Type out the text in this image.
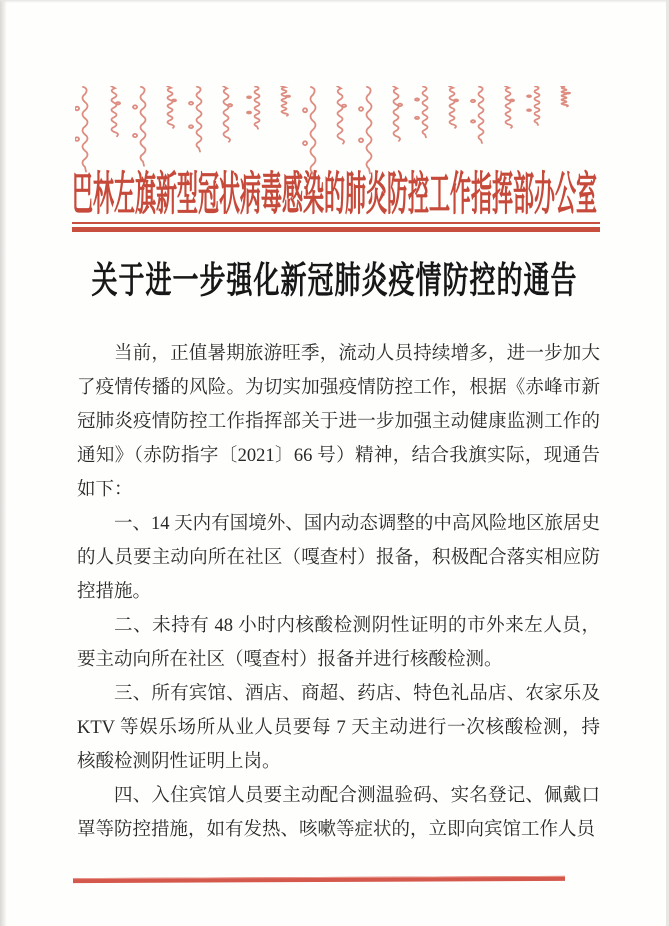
巴林左旗新型冠状病毒感染的肺炎防控工作指挥部办公室
关于进一步强化新冠肺炎疫情防控的通告

当前，正值暑期旅游旺季，流动人员持续增多，进一步加大了疫情传播的风险。为切实加强疫情防控工作，根据《赤峰市新冠肺炎疫情防控工作指挥部关于进一步加强主动健康监测工作的通知》（赤防指字〔2021〕66 号）精神，结合我旗实际，现通告如下：

一、14 天内有国境外、国内动态调整的中高风险地区旅居史的人员要主动向所在社区（嘎查村）报备，积极配合落实相应防控措施。

二、未持有 48 小时内核酸检测阴性证明的市外来左人员，要主动向所在社区（嘎查村）报备并进行核酸检测。

三、所有宾馆、酒店、商超、药店、特色礼品店、农家乐及 KTV 等娱乐场所从业人员要每 7 天主动进行一次核酸检测，持核酸检测阴性证明上岗。

四、入住宾馆人员要主动配合测温验码、实名登记、佩戴口罩等防控措施，如有发热、咳嗽等症状的，立即向宾馆工作人员
